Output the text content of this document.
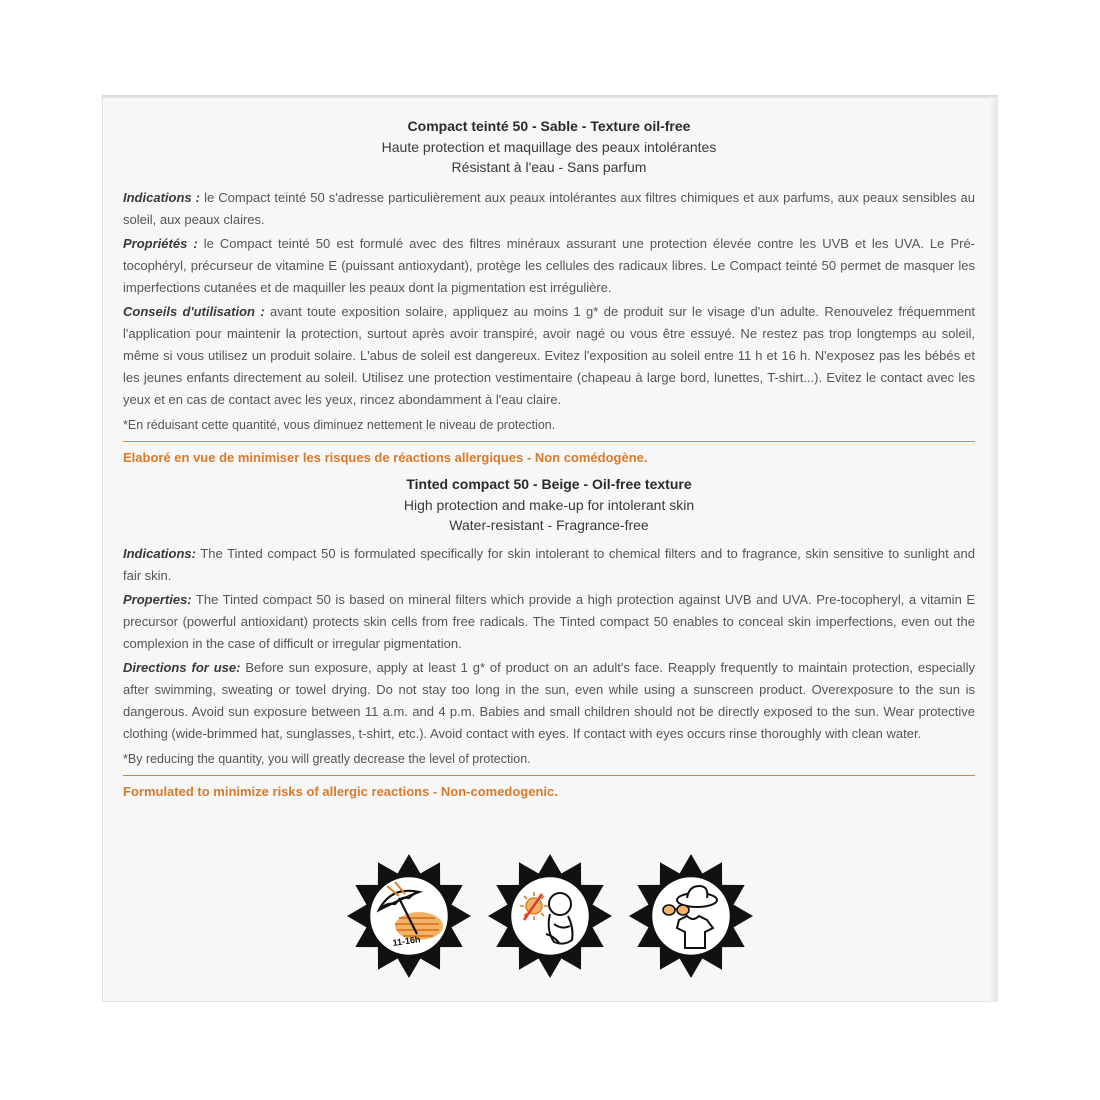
Compact teinté 50 - Sable - Texture oil-free
Haute protection et maquillage des peaux intolérantes
Résistant à l'eau - Sans parfum

Indications : le Compact teinté 50 s'adresse particulièrement aux peaux intolérantes aux filtres chimiques et aux parfums, aux peaux sensibles au soleil, aux peaux claires.

Propriétés : le Compact teinté 50 est formulé avec des filtres minéraux assurant une protection élevée contre les UVB et les UVA. Le Pré-tocophéryl, précurseur de vitamine E (puissant antioxydant), protège les cellules des radicaux libres. Le Compact teinté 50 permet de masquer les imperfections cutanées et de maquiller les peaux dont la pigmentation est irrégulière.

Conseils d'utilisation : avant toute exposition solaire, appliquez au moins 1 g* de produit sur le visage d'un adulte. Renouvelez fréquemment l'application pour maintenir la protection, surtout après avoir transpiré, avoir nagé ou vous être essuyé. Ne restez pas trop longtemps au soleil, même si vous utilisez un produit solaire. L'abus de soleil est dangereux. Evitez l'exposition au soleil entre 11 h et 16 h. N'exposez pas les bébés et les jeunes enfants directement au soleil. Utilisez une protection vestimentaire (chapeau à large bord, lunettes, T-shirt...). Evitez le contact avec les yeux et en cas de contact avec les yeux, rincez abondamment à l'eau claire.

*En réduisant cette quantité, vous diminuez nettement le niveau de protection.
Elaboré en vue de minimiser les risques de réactions allergiques - Non comédogène.
Tinted compact 50 - Beige - Oil-free texture
High protection and make-up for intolerant skin
Water-resistant - Fragrance-free

Indications: The Tinted compact 50 is formulated specifically for skin intolerant to chemical filters and to fragrance, skin sensitive to sunlight and fair skin.

Properties: The Tinted compact 50 is based on mineral filters which provide a high protection against UVB and UVA. Pre-tocopheryl, a vitamin E precursor (powerful antioxidant) protects skin cells from free radicals. The Tinted compact 50 enables to conceal skin imperfections, even out the complexion in the case of difficult or irregular pigmentation.

Directions for use: Before sun exposure, apply at least 1 g* of product on an adult's face. Reapply frequently to maintain protection, especially after swimming, sweating or towel drying. Do not stay too long in the sun, even while using a sunscreen product. Overexposure to the sun is dangerous. Avoid sun exposure between 11 a.m. and 4 p.m. Babies and small children should not be directly exposed to the sun. Wear protective clothing (wide-brimmed hat, sunglasses, t-shirt, etc.). Avoid contact with eyes. If contact with eyes occurs rinse thoroughly with clean water.

*By reducing the quantity, you will greatly decrease the level of protection.
Formulated to minimize risks of allergic reactions - Non-comedogenic.
11-16h
